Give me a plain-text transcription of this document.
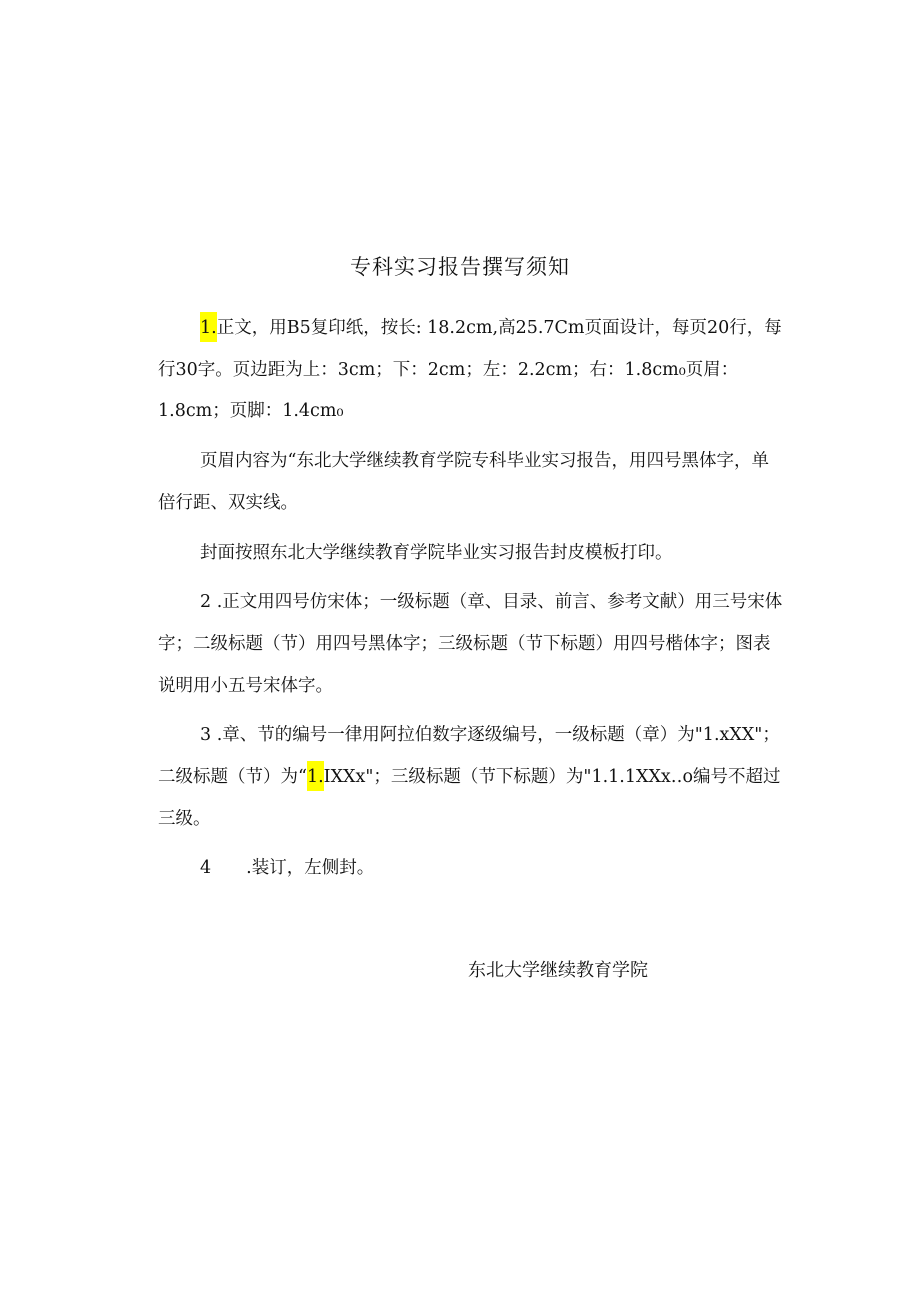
专科实习报告撰写须知

1.正文，用B5复印纸，按长: 18.2cm,高25.7Cm页面设计，每页20行，每行30字。页边距为上：3cm；下：2cm；左：2.2cm；右：1.8cm₀页眉：1.8cm；页脚：1.4cm₀

页眉内容为“东北大学继续教育学院专科毕业实习报告，用四号黑体字，单倍行距、双实线。

封面按照东北大学继续教育学院毕业实习报告封皮模板打印。

2 .正文用四号仿宋体；一级标题（章、目录、前言、参考文献）用三号宋体字；二级标题（节）用四号黑体字；三级标题（节下标题）用四号楷体字；图表说明用小五号宋体字。

3 .章、节的编号一律用阿拉伯数字逐级编号，一级标题（章）为"1.xXX"；二级标题（节）为“1.IXXx"；三级标题（节下标题）为"1.1.1XXx‥o编号不超过三级。

4　　.装订，左侧封。

东北大学继续教育学院
